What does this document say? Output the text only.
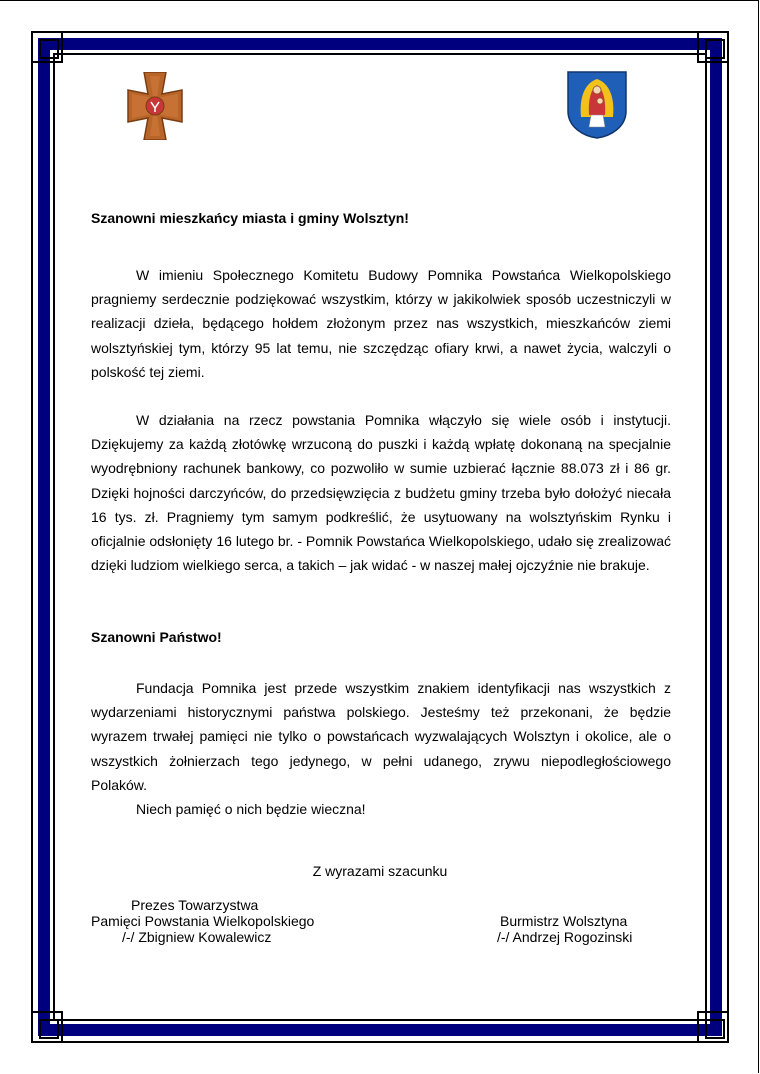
Szanowni mieszkańcy miasta i gminy Wolsztyn!

W imieniu Społecznego Komitetu Budowy Pomnika Powstańca Wielkopolskiego pragniemy serdecznie podziękować wszystkim, którzy w jakikolwiek sposób uczestniczyli w realizacji dzieła, będącego hołdem złożonym przez nas wszystkich, mieszkańców ziemi wolsztyńskiej tym, którzy 95 lat temu, nie szczędząc ofiary krwi, a nawet życia, walczyli o polskość tej ziemi.

W działania na rzecz powstania Pomnika włączyło się wiele osób i instytucji. Dziękujemy za każdą złotówkę wrzuconą do puszki i każdą wpłatę dokonaną na specjalnie wyodrębniony rachunek bankowy, co pozwoliło w sumie uzbierać łącznie 88.073 zł i 86 gr. Dzięki hojności darczyńców, do przedsięwzięcia z budżetu gminy trzeba było dołożyć niecała 16 tys. zł. Pragniemy tym samym podkreślić, że usytuowany na wolsztyńskim Rynku i oficjalnie odsłonięty 16 lutego br. - Pomnik Powstańca Wielkopolskiego, udało się zrealizować dzięki ludziom wielkiego serca, a takich – jak widać - w naszej małej ojczyźnie nie brakuje.

Szanowni Państwo!

Fundacja Pomnika jest przede wszystkim znakiem identyfikacji nas wszystkich z wydarzeniami historycznymi państwa polskiego. Jesteśmy też przekonani, że będzie wyrazem trwałej pamięci nie tylko o powstańcach wyzwalających Wolsztyn i okolice, ale o wszystkich żołnierzach tego jedynego, w pełni udanego, zrywu niepodległościowego Polaków.

Niech pamięć o nich będzie wieczna!

Z wyrazami szacunku
Prezes Towarzystwa
Pamięci Powstania Wielkopolskiego
/-/ Zbigniew Kowalewicz
Burmistrz Wolsztyna
/-/ Andrzej Rogozinski
